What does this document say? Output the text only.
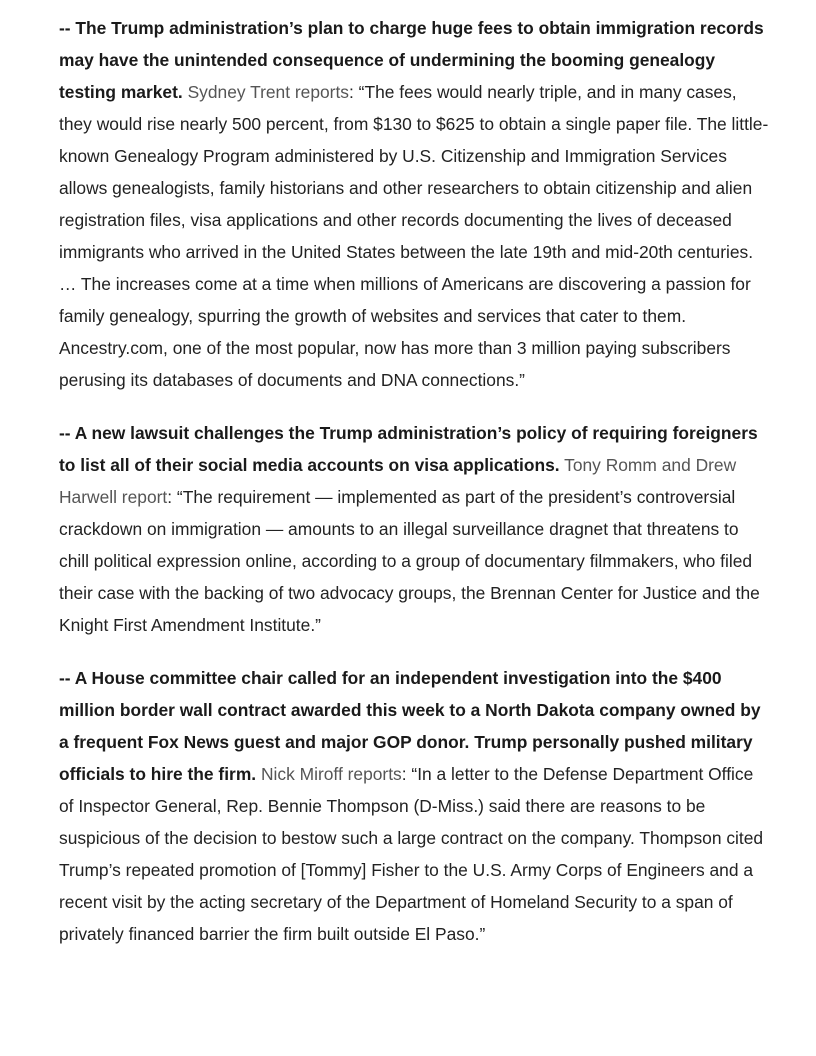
-- The Trump administration’s plan to charge huge fees to obtain immigration records may have the unintended consequence of undermining the booming genealogy testing market. Sydney Trent reports: “The fees would nearly triple, and in many cases, they would rise nearly 500 percent, from $130 to $625 to obtain a single paper file. The little-known Genealogy Program administered by U.S. Citizenship and Immigration Services allows genealogists, family historians and other researchers to obtain citizenship and alien registration files, visa applications and other records documenting the lives of deceased immigrants who arrived in the United States between the late 19th and mid-20th centuries. … The increases come at a time when millions of Americans are discovering a passion for family genealogy, spurring the growth of websites and services that cater to them. Ancestry.com, one of the most popular, now has more than 3 million paying subscribers perusing its databases of documents and DNA connections.”

-- A new lawsuit challenges the Trump administration’s policy of requiring foreigners to list all of their social media accounts on visa applications. Tony Romm and Drew Harwell report: “The requirement — implemented as part of the president’s controversial crackdown on immigration — amounts to an illegal surveillance dragnet that threatens to chill political expression online, according to a group of documentary filmmakers, who filed their case with the backing of two advocacy groups, the Brennan Center for Justice and the Knight First Amendment Institute.”

-- A House committee chair called for an independent investigation into the $400 million border wall contract awarded this week to a North Dakota company owned by a frequent Fox News guest and major GOP donor. Trump personally pushed military officials to hire the firm. Nick Miroff reports: “In a letter to the Defense Department Office of Inspector General, Rep. Bennie Thompson (D-Miss.) said there are reasons to be suspicious of the decision to bestow such a large contract on the company. Thompson cited Trump’s repeated promotion of [Tommy] Fisher to the U.S. Army Corps of Engineers and a recent visit by the acting secretary of the Department of Homeland Security to a span of privately financed barrier the firm built outside El Paso.”
